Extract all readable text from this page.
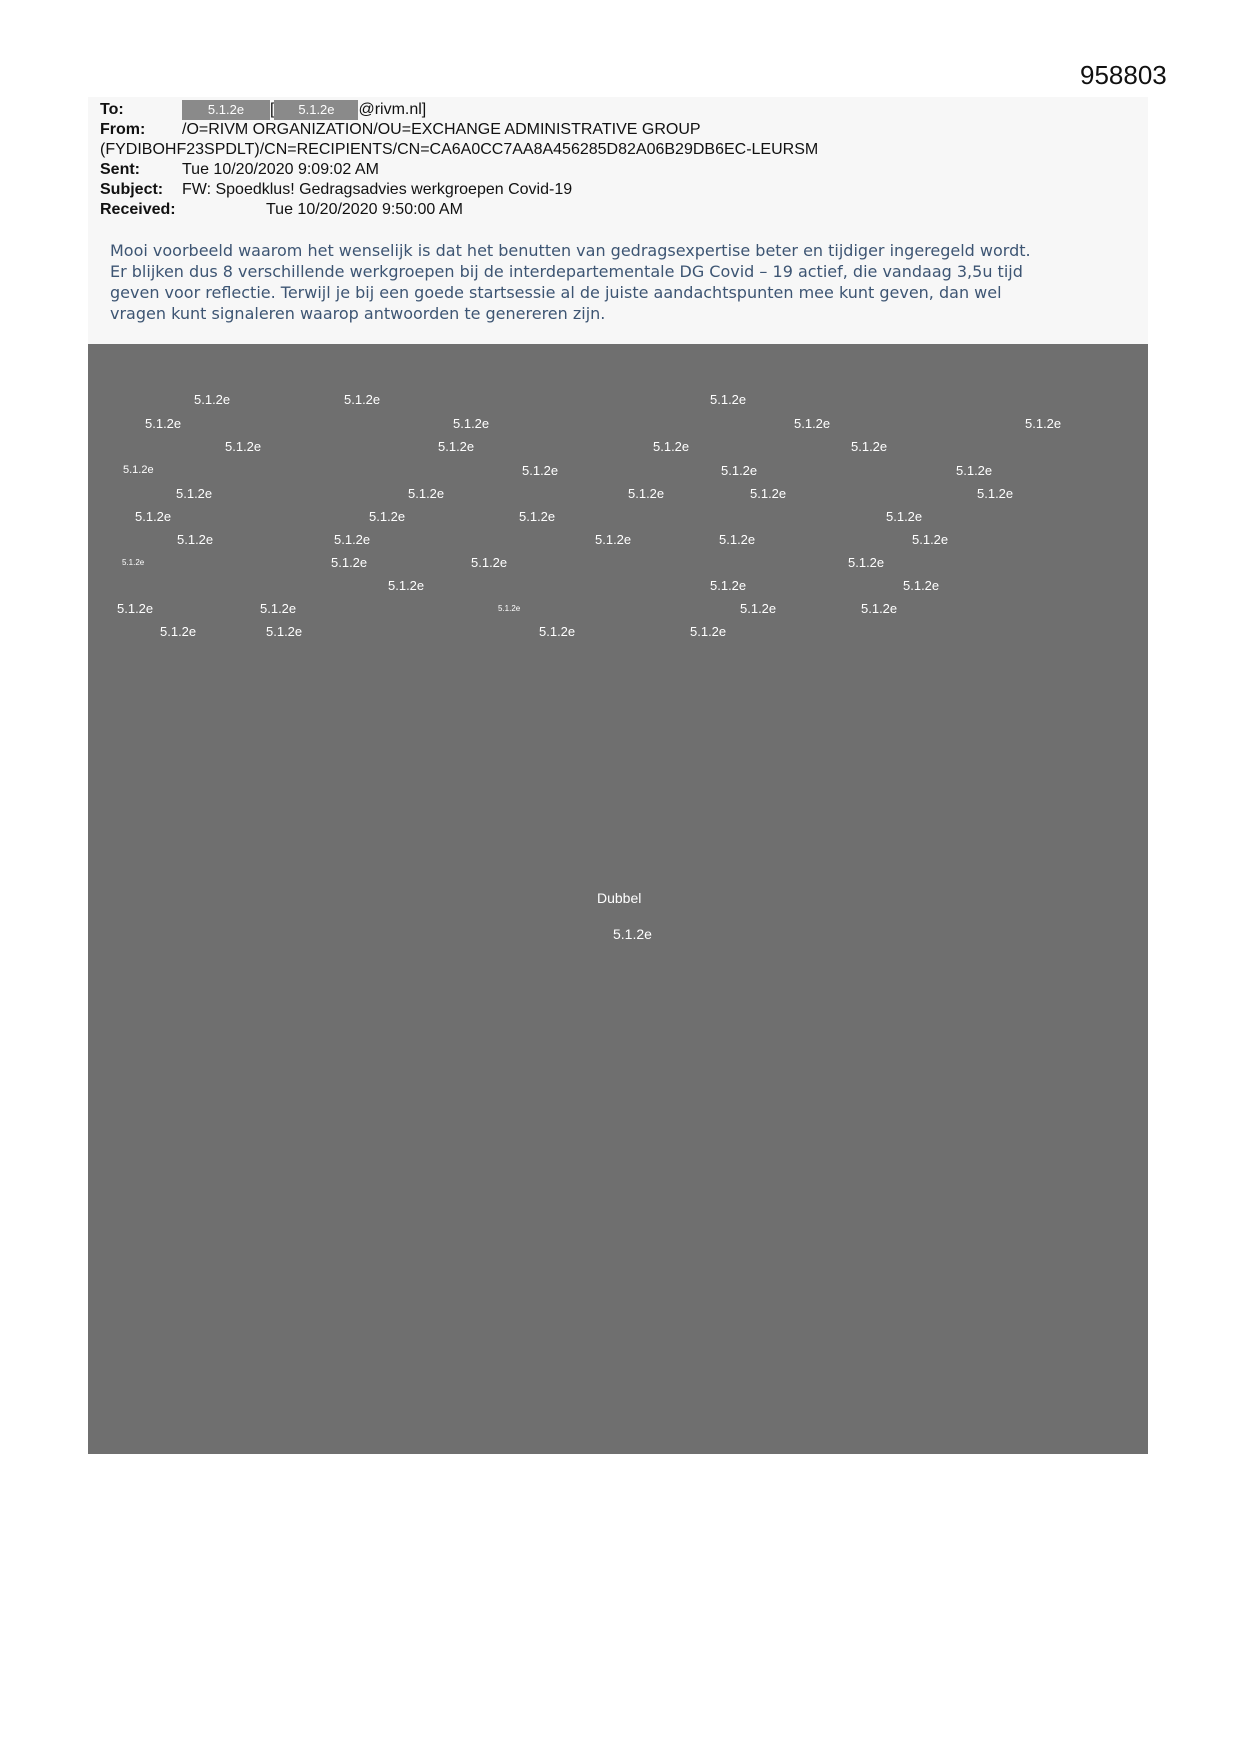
958803
To:	5.1.2e [ 5.1.2e @rivm.nl]
From: /O=RIVM ORGANIZATION/OU=EXCHANGE ADMINISTRATIVE GROUP
(FYDIBOHF23SPDLT)/CN=RECIPIENTS/CN=CA6A0CC7AA8A456285D82A06B29DB6EC-LEURSM
Sent:	Tue 10/20/2020 9:09:02 AM
Subject: FW: Spoedklus! Gedragsadvies werkgroepen Covid-19
Received:	Tue 10/20/2020 9:50:00 AM

Mooi voorbeeld waarom het wenselijk is dat het benutten van gedragsexpertise beter en tijdiger ingeregeld wordt.

Er blijken dus 8 verschillende werkgroepen bij de interdepartementale DG Covid – 19 actief, die vandaag 3,5u tijd

geven voor reflectie. Terwijl je bij een goede startsessie al de juiste aandachtspunten mee kunt geven, dan wel

vragen kunt signaleren waarop antwoorden te genereren zijn.

5.1.2e	5.1.2e	5.1.2e
5.1.2e	5.1.2e	5.1.2e	5.1.2e
5.1.2e	5.1.2e	5.1.2e	5.1.2e
5.1.2e	5.1.2e	5.1.2e	5.1.2e
5.1.2e	5.1.2e	5.1.2e	5.1.2e	5.1.2e
5.1.2e	5.1.2e	5.1.2e	5.1.2e
5.1.2e	5.1.2e	5.1.2e	5.1.2e	5.1.2e
5.1.2e	5.1.2e	5.1.2e	5.1.2e
5.1.2e	5.1.2e	5.1.2e
5.1.2e	5.1.2e	5.1.2e	5.1.2e	5.1.2e
5.1.2e	5.1.2e	5.1.2e	5.1.2e
Dubbel
5.1.2e
